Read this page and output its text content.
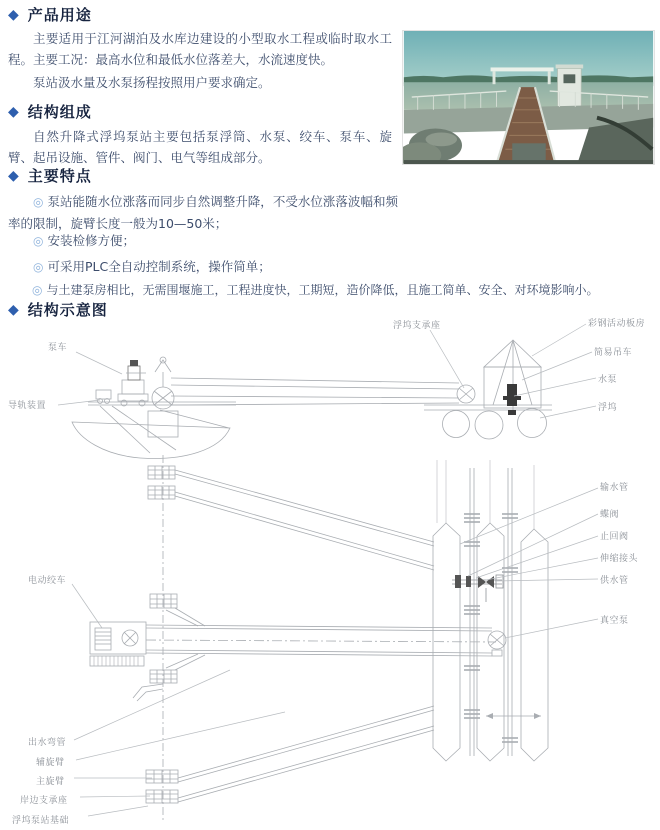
◆ 产品用途

主要适用于江河湖泊及水库边建设的小型取水工程或临时取水工程。主要工况：最高水位和最低水位落差大，水流速度快。

泵站汲水量及水泵扬程按照用户要求确定。

◆ 结构组成

自然升降式浮坞泵站主要包括泵浮筒、水泵、绞车、泵车、旋臂、起吊设施、管件、阀门、电气等组成部分。

◆ 主要特点

◎ 泵站能随水位涨落而同步自然调整升降，不受水位涨落波幅和频率的限制，旋臂长度一般为10—50米；

◎ 安装检修方便；

◎ 可采用PLC全自动控制系统，操作简单；

◎ 与土建泵房相比，无需围堰施工，工程进度快，工期短，造价降低，且施工简单、安全、对环境影响小。

◆ 结构示意图
泵车
导轨装置
浮坞支承座	彩钢活动板房
简易吊车
水泵
浮坞
电动绞车
输水管
蝶阀
止回阀
伸缩接头
供水管
真空泵
出水弯管
辅旋臂
主旋臂
岸边支承座
浮坞泵站基础
